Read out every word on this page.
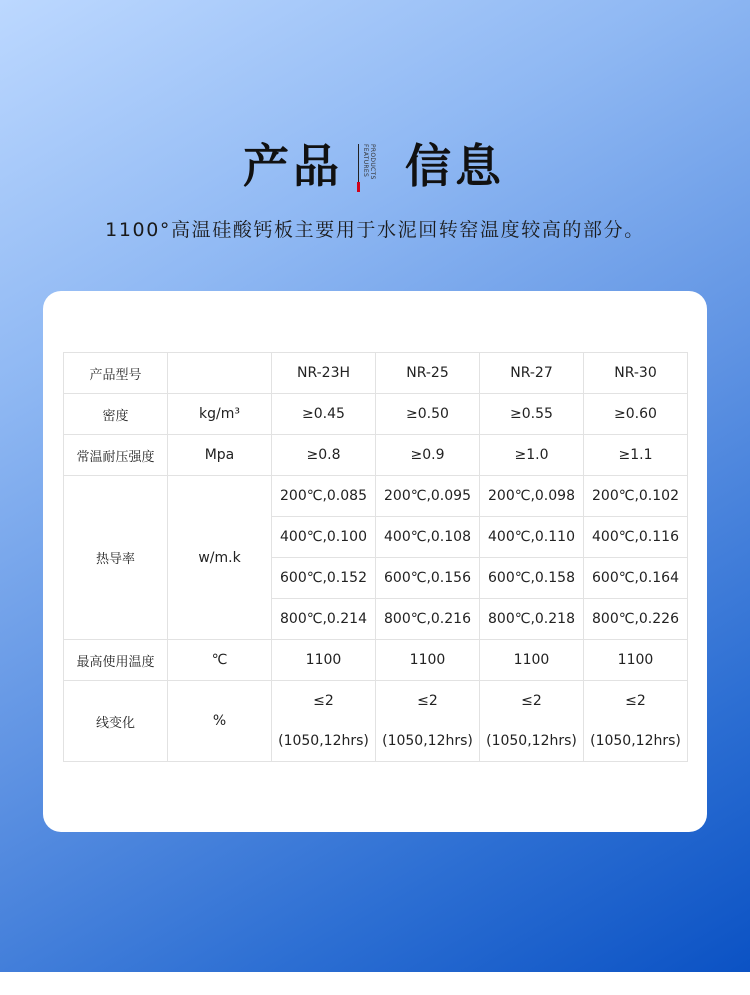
产品	PRODUCTS
FEATURES 信息
1100°高温硅酸钙板主要用于水泥回转窑温度较高的部分。
产品型号		NR-23H	NR-25	NR-27	NR-30
密度	kg/m³	≥0.45	≥0.50	≥0.55	≥0.60
常温耐压强度	Mpa	≥0.8	≥0.9	≥1.0	≥1.1
热导率	w/m.k	200℃,0.085	200℃,0.095	200℃,0.098	200℃,0.102
		400℃,0.100	400℃,0.108	400℃,0.110	400℃,0.116
		600℃,0.152	600℃,0.156	600℃,0.158	600℃,0.164
		800℃,0.214	800℃,0.216	800℃,0.218	800℃,0.226
最高使用温度	℃	1100	1100	1100	1100
线变化	%	≤2	≤2	≤2	≤2
		(1050,12hrs)	(1050,12hrs)	(1050,12hrs)	(1050,12hrs)
